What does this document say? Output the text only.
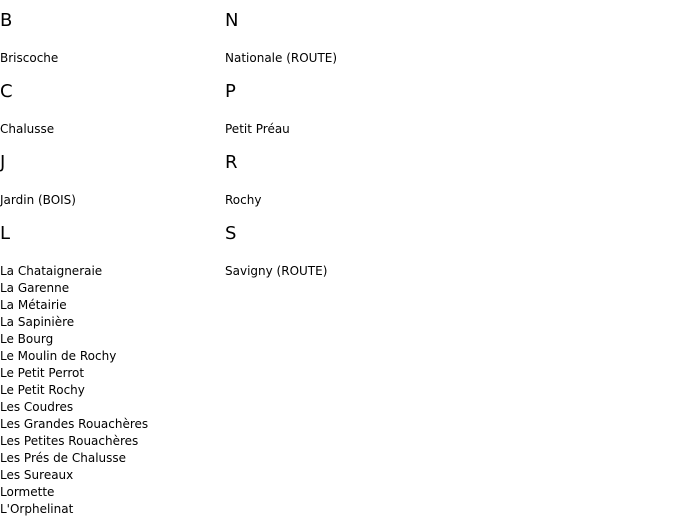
B
Briscoche
C
Chalusse
J
Jardin (BOIS)
L
La Chataigneraie
La Garenne
La Métairie
La Sapinière
Le Bourg
Le Moulin de Rochy
Le Petit Perrot
Le Petit Rochy
Les Coudres
Les Grandes Rouachères
Les Petites Rouachères
Les Prés de Chalusse
Les Sureaux
Lormette
L'Orphelinat
N
Nationale (ROUTE)
P
Petit Préau
R
Rochy
S
Savigny (ROUTE)
